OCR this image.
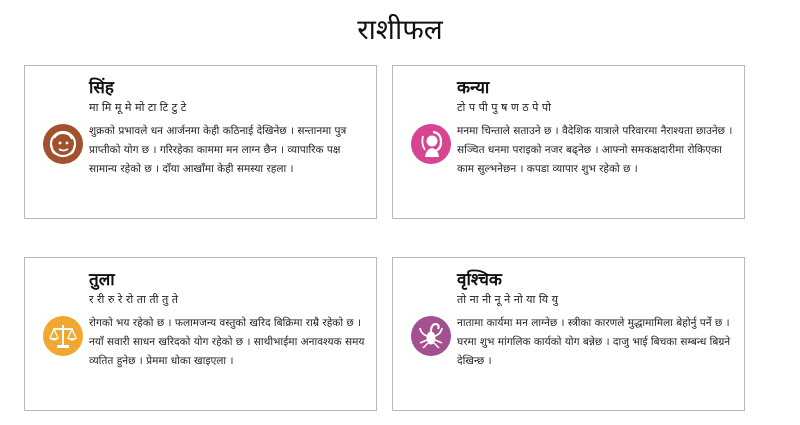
राशीफल
सिंह
मा मि मू मे मो टा टि टु टे

शुक्रको प्रभावले धन आर्जनमा केही कठिनाई देखिनेछ । सन्तानमा पुत्र प्राप्तीको योग छ । गरिरहेका काममा मन लाग्न छैन । व्यापारिक पक्ष सामान्य रहेको छ । दाँया आखाँमा केही समस्या रहला ।

कन्या
टो प पी पु ष ण ठ पे पो

मनमा चिन्ताले सताउने छ । वैदेशिक यात्राले परिवारमा नैराश्यता छाउनेछ । सञ्चित धनमा पराइको नजर बढ्नेछ । आफ्नो समकक्षदारीमा रोकिएका काम सुल्भनेछन । कपडा व्यापार शुभ रहेको छ ।

तुला
र री रु रे रो ता ती तु ते

रोगको भय रहेको छ । फलामजन्य वस्तुको खरिद बिक्रिमा राम्रै रहेको छ । नयाँ सवारी साधन खरिदको योग रहेको छ । साथीभाईमा अनावश्यक समय व्यतित हुनेछ । प्रेममा धोका खाइएला ।

वृश्चिक
तो ना नी नू ने नो या यि यु

नातामा कार्यमा मन लाग्नेछ । स्त्रीका कारणले मुद्धामामिला बेहोर्नु पर्ने छ । घरमा शुभ मांगलिक कार्यको योग बन्नेछ । दाजु भाई बिचका सम्बन्ध बिग्रने देखिन्छ ।
